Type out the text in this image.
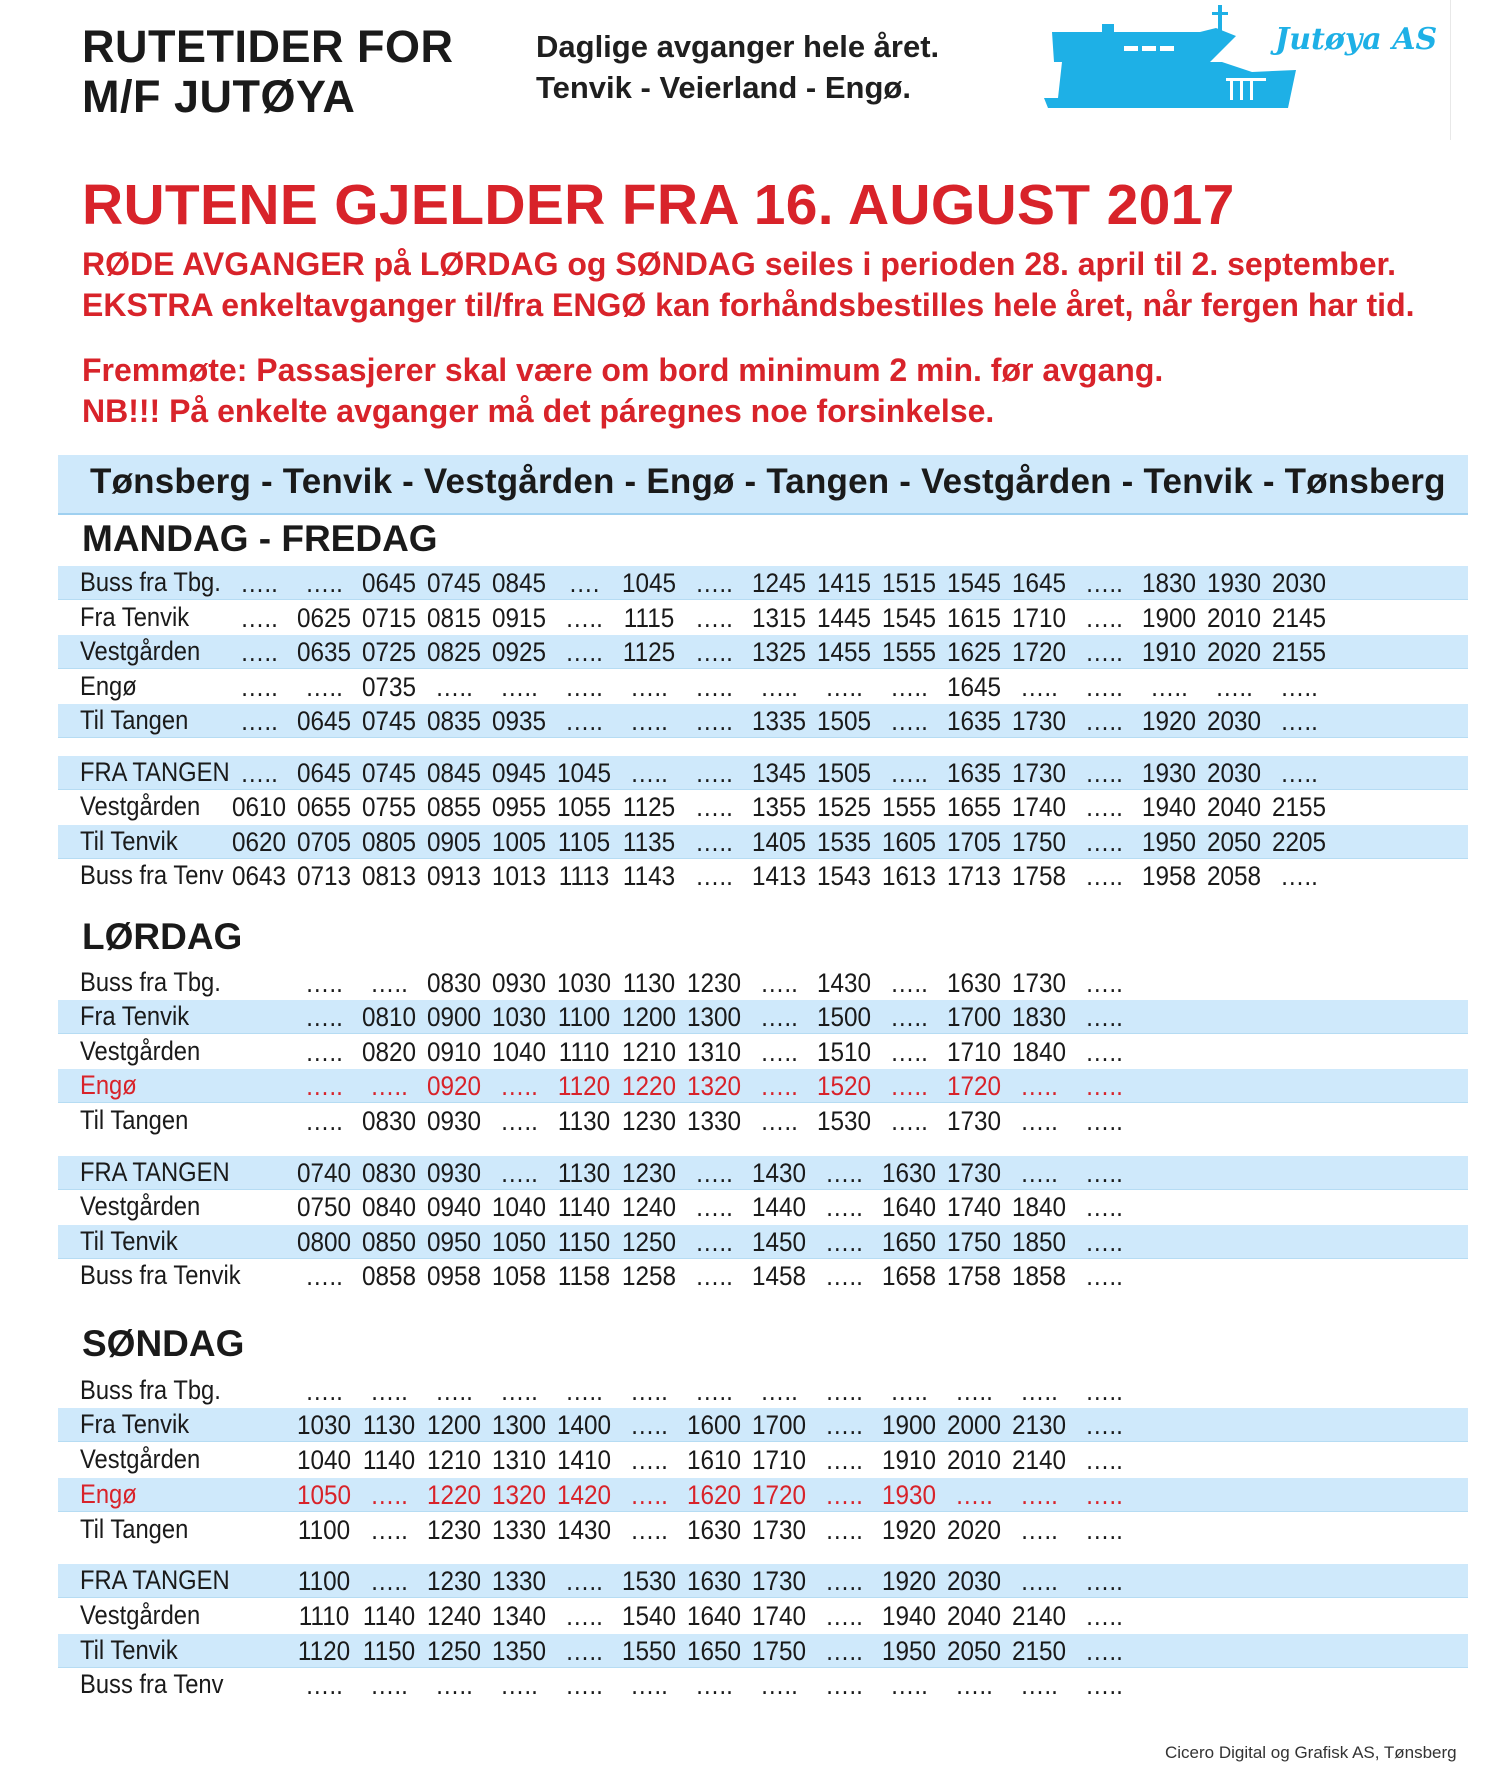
RUTETIDER FOR
M/F JUTØYA
Daglige avganger hele året.
Tenvik - Veierland - Engø.
Jutøya AS
RUTENE GJELDER FRA 16. AUGUST 2017
RØDE AVGANGER på LØRDAG og SØNDAG seiles i perioden 28. april til 2. september.
EKSTRA enkeltavganger til/fra ENGØ kan forhåndsbestilles hele året, når fergen har tid.
Fremmøte: Passasjerer skal være om bord minimum 2 min. før avgang.
NB!!! På enkelte avganger må det páregnes noe forsinkelse.
Tønsberg - Tenvik - Vestgården - Engø - Tangen - Vestgården - Tenvik - Tønsberg
MANDAG - FREDAG
LØRDAG
SØNDAG
Buss fra Tbg. …..	….. 0645 0745 0845 …. 1045 ….. 1245 1415 1515 1545 1645 ….. 1830 1930 2030
Fra Tenvik	….. 0625 0715 0815 0915 ….. 1115 ….. 1315 1445 1545 1615 1710 ….. 1900 2010 2145
Vestgården	….. 0635 0725 0825 0925 ….. 1125 ….. 1325 1455 1555 1625 1720 ….. 1910 2020 2155
Engø	…..	….. 0735 …..	…..	…..	…..	…..	…..	…..	….. 1645 …..	…..	…..	…..	…..
Til Tangen	….. 0645 0745 0835 0935 …..	…..	….. 1335 1505 ….. 1635 1730 ….. 1920 2030 …..
FRA TANGEN ….. 0645 0745 0845 0945 1045 …..	….. 1345 1505 ….. 1635 1730 ….. 1930 2030 …..
Vestgården 0610 0655 0755 0855 0955 1055 1125 ….. 1355 1525 1555 1655 1740 ….. 1940 2040 2155
Til Tenvik 0620 0705 0805 0905 1005 1105 1135 ….. 1405 1535 1605 1705 1750 ….. 1950 2050 2205
Buss fra Tenv 0643 0713 0813 0913 1013 1113 1143 ….. 1413 1543 1613 1713 1758 ….. 1958 2058 …..
Buss fra Tbg.	…..	….. 0830 0930 1030 1130 1230 ….. 1430 ….. 1630 1730 …..
Fra Tenvik	….. 0810 0900 1030 1100 1200 1300 ….. 1500 ….. 1700 1830 …..
Vestgården	….. 0820 0910 1040 1110 1210 1310 ….. 1510 ….. 1710 1840 …..
Engø	…..	….. 0920 ….. 1120 1220 1320 ….. 1520 ….. 1720 …..	…..
Til Tangen	….. 0830 0930 ….. 1130 1230 1330 ….. 1530 ….. 1730 …..	…..
FRA TANGEN 0740 0830 0930 ….. 1130 1230 ….. 1430 ….. 1630 1730 …..	…..
Vestgården	0750 0840 0940 1040 1140 1240 ….. 1440 ….. 1640 1740 1840 …..
Til Tenvik	0800 0850 0950 1050 1150 1250 ….. 1450 ….. 1650 1750 1850 …..
Buss fra Tenvik	….. 0858 0958 1058 1158 1258 ….. 1458 ….. 1658 1758 1858 …..
Buss fra Tbg.	…..	…..	…..	…..	…..	…..	…..	…..	…..	…..	…..	…..	…..
Fra Tenvik	1030 1130 1200 1300 1400 ….. 1600 1700 ….. 1900 2000 2130 …..
Vestgården	1040 1140 1210 1310 1410 ….. 1610 1710 ….. 1910 2010 2140 …..
Engø	1050 ….. 1220 1320 1420 ….. 1620 1720 ….. 1930 …..	…..	…..
Til Tangen	1100 ….. 1230 1330 1430 ….. 1630 1730 ….. 1920 2020 …..	…..
FRA TANGEN	1100 ….. 1230 1330 ….. 1530 1630 1730 ….. 1920 2030 …..	…..
Vestgården	1110 1140 1240 1340 ….. 1540 1640 1740 ….. 1940 2040 2140 …..
Til Tenvik	1120 1150 1250 1350 ….. 1550 1650 1750 ….. 1950 2050 2150 …..
Buss fra Tenv	…..	…..	…..	…..	…..	…..	…..	…..	…..	…..	…..	…..	…..
Cicero Digital og Grafisk AS, Tønsberg
